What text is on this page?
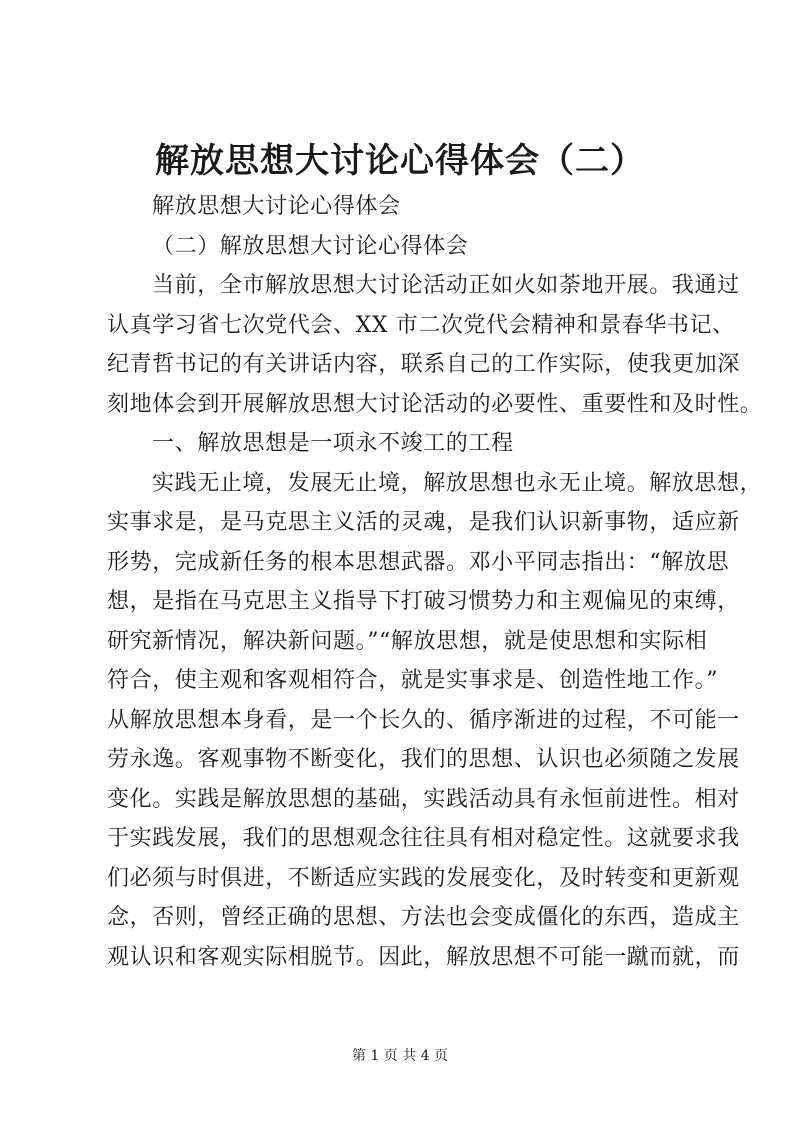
解放思想大讨论心得体会（二）
解放思想大讨论心得体会
（二）解放思想大讨论心得体会
当前，全市解放思想大讨论活动正如火如荼地开展。我通过
认真学习省七次党代会、XX 市二次党代会精神和景春华书记、
纪青哲书记的有关讲话内容，联系自己的工作实际，使我更加深
刻地体会到开展解放思想大讨论活动的必要性、重要性和及时性。
一、解放思想是一项永不竣工的工程
实践无止境，发展无止境，解放思想也永无止境。解放思想，
实事求是，是马克思主义活的灵魂，是我们认识新事物，适应新
形势，完成新任务的根本思想武器。邓小平同志指出：“解放思
想，是指在马克思主义指导下打破习惯势力和主观偏见的束缚，
研究新情况，解决新问题。”“解放思想，就是使思想和实际相
符合，使主观和客观相符合，就是实事求是、创造性地工作。”
从解放思想本身看，是一个长久的、循序渐进的过程，不可能一
劳永逸。客观事物不断变化，我们的思想、认识也必须随之发展
变化。实践是解放思想的基础，实践活动具有永恒前进性。相对
于实践发展，我们的思想观念往往具有相对稳定性。这就要求我
们必须与时俱进，不断适应实践的发展变化，及时转变和更新观
念，否则，曾经正确的思想、方法也会变成僵化的东西，造成主
观认识和客观实际相脱节。因此，解放思想不可能一蹴而就，而
第 1 页 共 4 页
